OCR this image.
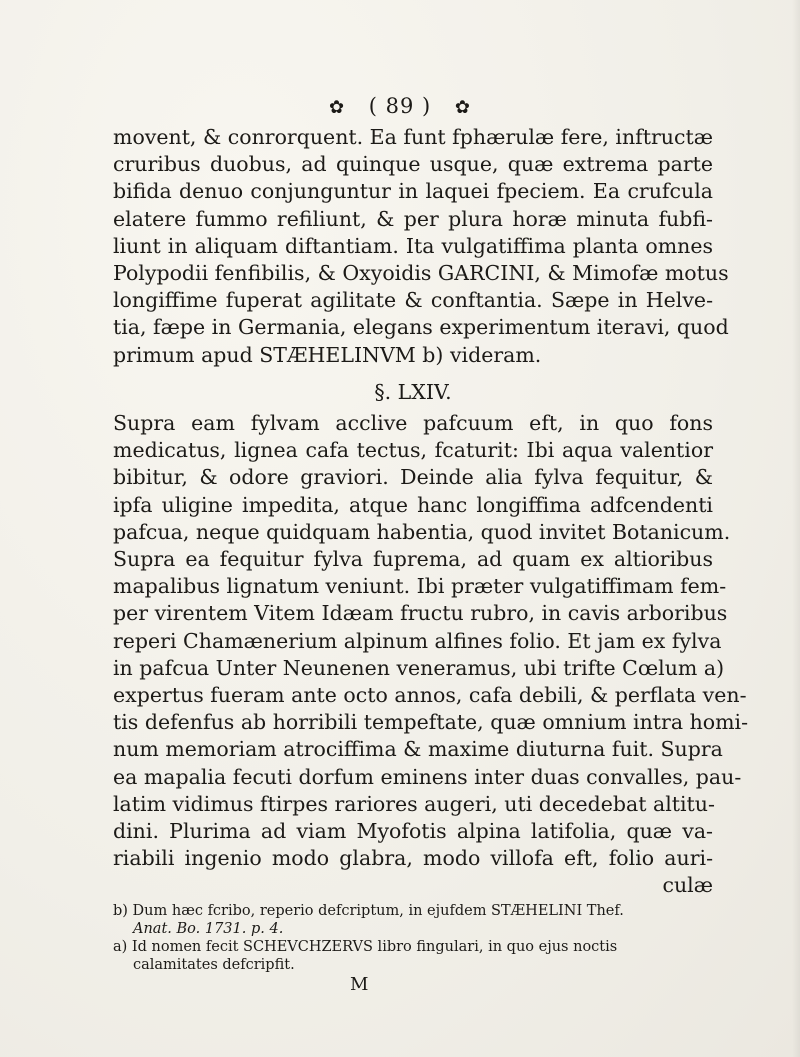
✿ ( 89 ) ✿
movent, & conrorquent. Ea funt fphærulæ fere, inftructæ
cruribus duobus, ad quinque usque, quæ extrema parte
bifida denuo conjunguntur in laquei fpeciem. Ea crufcula
elatere fummo refiliunt, & per plura horæ minuta fubfi-
liunt in aliquam diftantiam. Ita vulgatiffima planta omnes
Polypodii fenfibilis, & Oxyoidis GARCINI, & Mimofæ motus
longiffime fuperat agilitate & conftantia. Sæpe in Helve-
tia, fæpe in Germania, elegans experimentum iteravi, quod
primum apud STÆHELINVM b) videram.
§. LXIV.
Supra eam fylvam acclive pafcuum eft, in quo fons
medicatus, lignea cafa tectus, fcaturit: Ibi aqua valentior
bibitur, & odore graviori. Deinde alia fylva fequitur, &
ipfa uligine impedita, atque hanc longiffima adfcendenti
pafcua, neque quidquam habentia, quod invitet Botanicum.
Supra ea fequitur fylva fuprema, ad quam ex altioribus
mapalibus lignatum veniunt. Ibi præter vulgatiffimam fem-
per virentem Vitem Idæam fructu rubro, in cavis arboribus
reperi Chamænerium alpinum alfines folio. Et jam ex fylva
in pafcua Unter Neunenen veneramus, ubi trifte Cœlum a)
expertus fueram ante octo annos, cafa debili, & perflata ven-
tis defenfus ab horribili tempeftate, quæ omnium intra homi-
num memoriam atrociffima & maxime diuturna fuit. Supra
ea mapalia fecuti dorfum eminens inter duas convalles, pau-
latim vidimus ftirpes rariores augeri, uti decedebat altitu-
dini. Plurima ad viam Myofotis alpina latifolia, quæ va-
riabili ingenio modo glabra, modo villofa eft, folio auri-
culæ
b) Dum hæc fcribo, reperio defcriptum, in ejufdem STÆHELINI Thef.
Anat. Bo. 1731. p. 4.
a) Id nomen fecit SCHEVCHZERVS libro fingulari, in quo ejus noctis
calamitates defcripfit.
M
